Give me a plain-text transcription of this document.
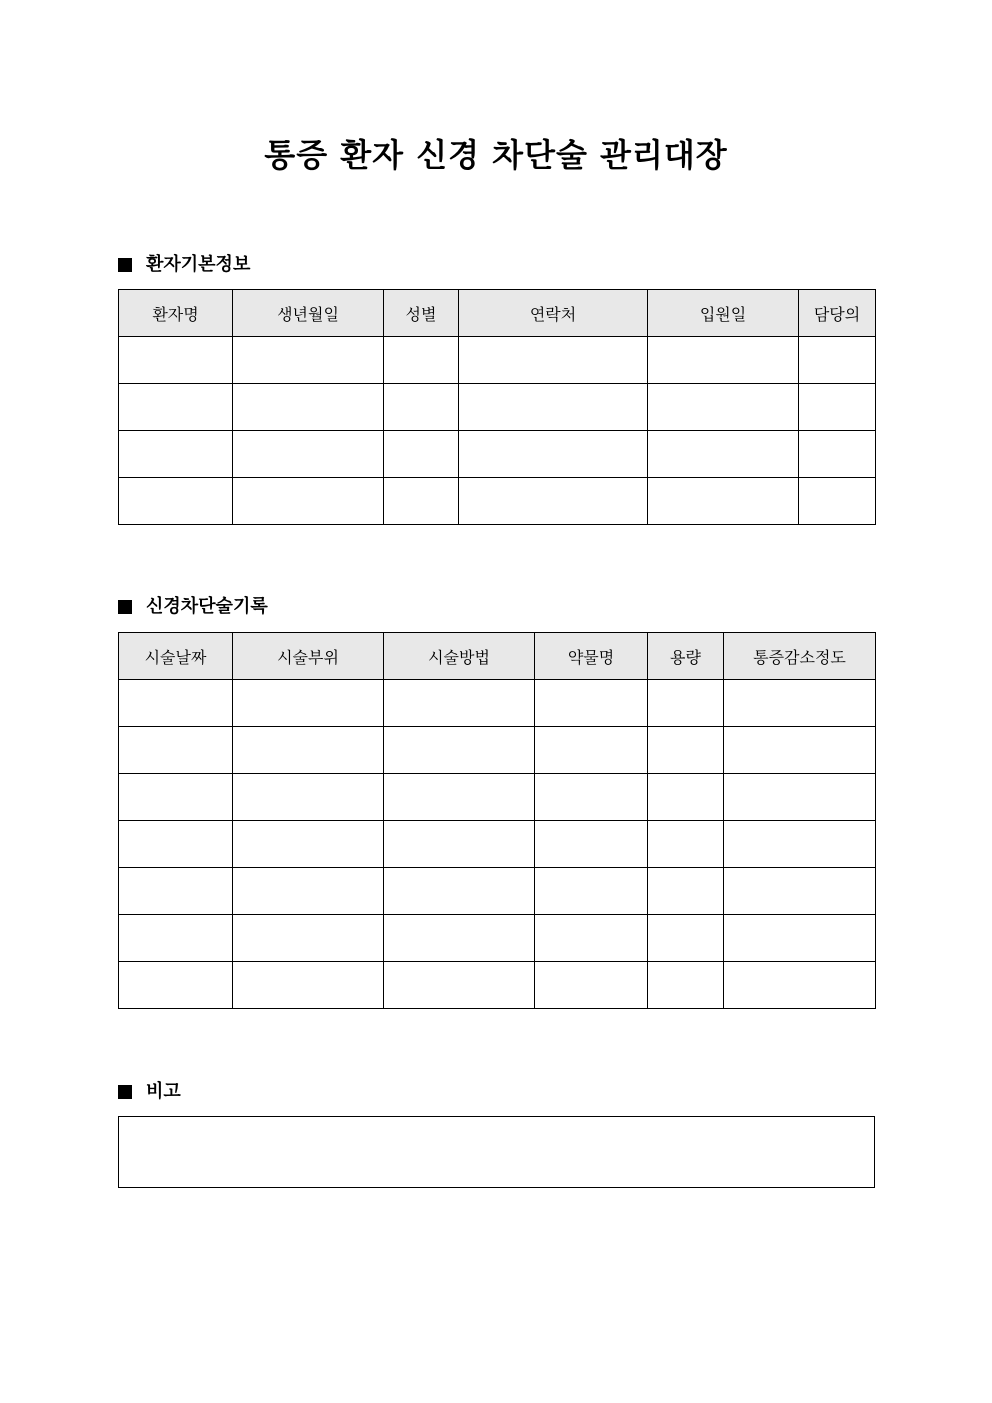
통증 환자 신경 차단술 관리대장
환자기본정보
환자명	생년월일	성별	연락처	입원일	담당의

신경차단술기록
시술날짜	시술부위	시술방법	약물명	용량	통증감소정도

비고
